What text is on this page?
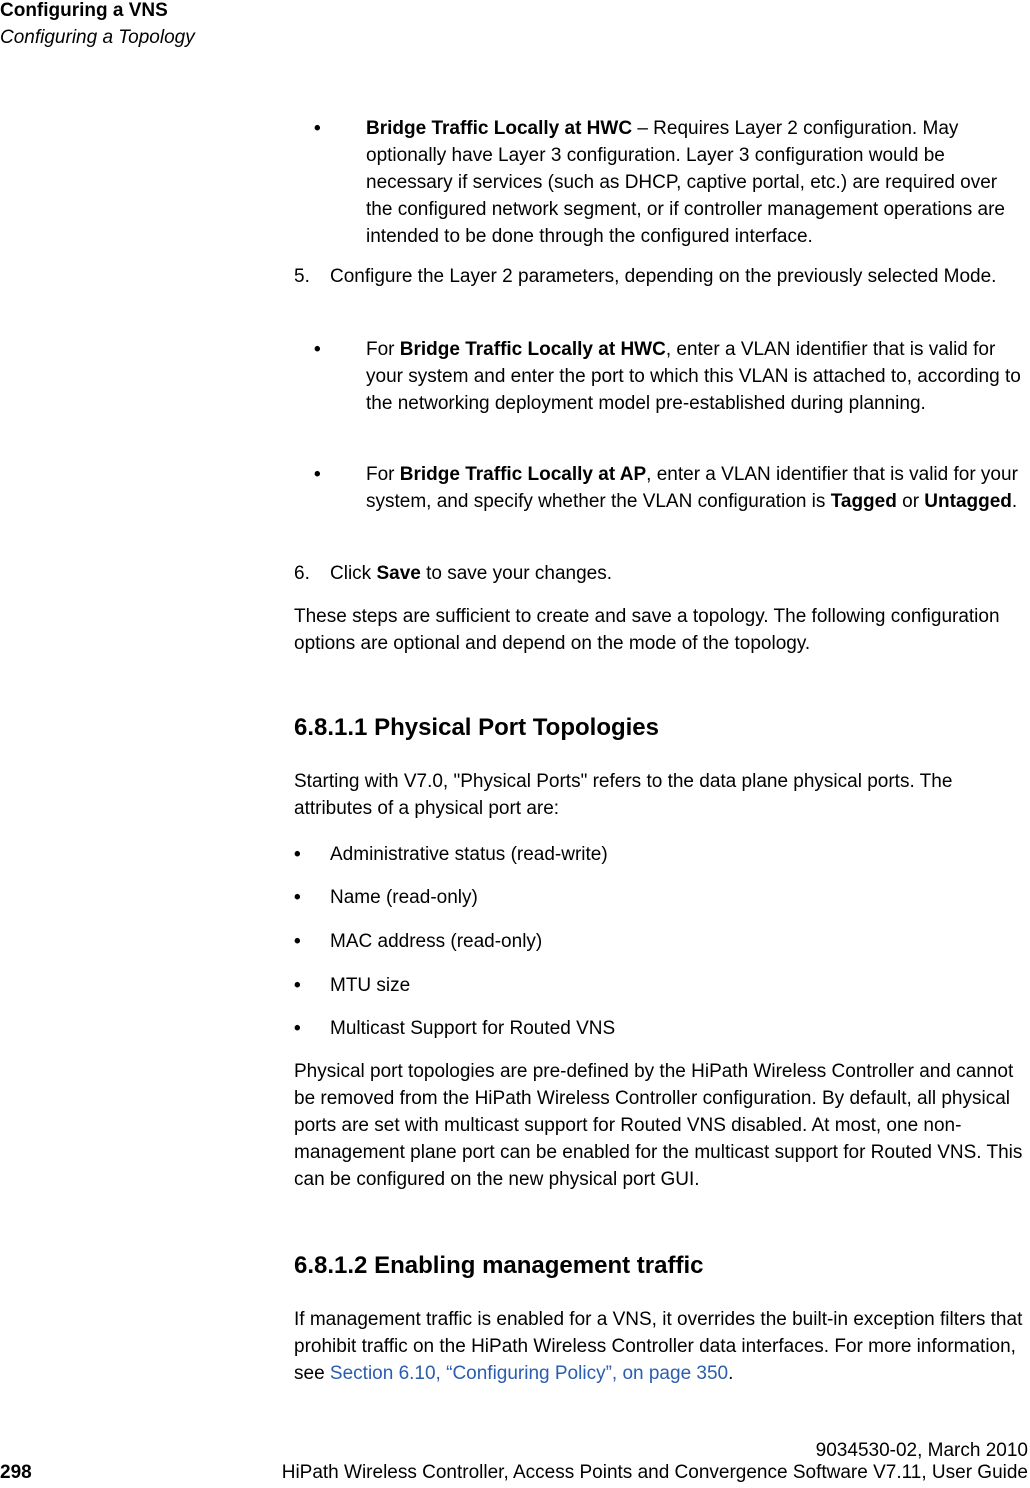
Configuring a VNS
Configuring a Topology
•	Bridge Traffic Locally at HWC – Requires Layer 2 configuration. May optionally have Layer 3 configuration. Layer 3 configuration would be necessary if services (such as DHCP, captive portal, etc.) are required over the configured network segment, or if controller management operations are intended to be done through the configured interface.
5.	Configure the Layer 2 parameters, depending on the previously selected Mode.
•	For Bridge Traffic Locally at HWC, enter a VLAN identifier that is valid for your system and enter the port to which this VLAN is attached to, according to the networking deployment model pre-established during planning.
•	For Bridge Traffic Locally at AP, enter a VLAN identifier that is valid for your system, and specify whether the VLAN configuration is Tagged or Untagged.
6.	Click Save to save your changes.
These steps are sufficient to create and save a topology. The following configuration options are optional and depend on the mode of the topology.
6.8.1.1 Physical Port Topologies
Starting with V7.0, "Physical Ports" refers to the data plane physical ports. The attributes of a physical port are:
•	Administrative status (read-write)
•	Name (read-only)
•	MAC address (read-only)
•	MTU size
•	Multicast Support for Routed VNS
Physical port topologies are pre-defined by the HiPath Wireless Controller and cannot be removed from the HiPath Wireless Controller configuration. By default, all physical ports are set with multicast support for Routed VNS disabled. At most, one non-management plane port can be enabled for the multicast support for Routed VNS. This can be configured on the new physical port GUI.
6.8.1.2 Enabling management traffic
If management traffic is enabled for a VNS, it overrides the built-in exception filters that prohibit traffic on the HiPath Wireless Controller data interfaces. For more information, see Section 6.10, “Configuring Policy”, on page 350.
9034530-02, March 2010
298	HiPath Wireless Controller, Access Points and Convergence Software V7.11, User Guide
